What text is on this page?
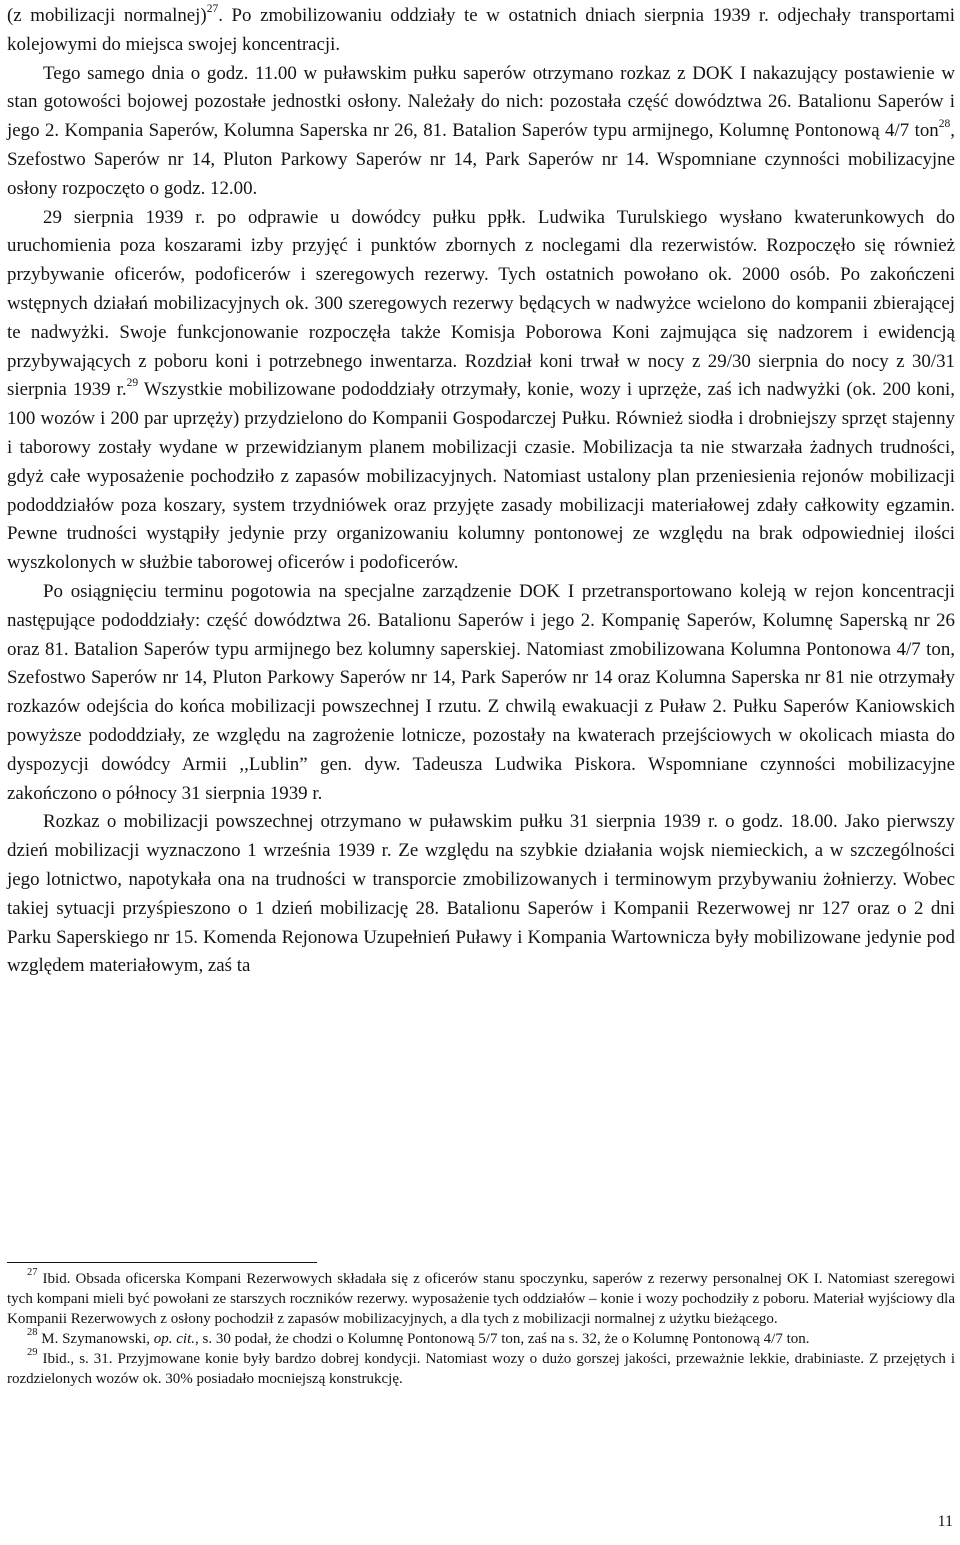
(z mobilizacji normalnej)$^{27}$. Po zmobilizowaniu oddziały te w ostatnich dniach sierpnia 1939 r. odjechały transportami kolejowymi do miejsca swojej koncentracji.

Tego samego dnia o godz. 11.00 w puławskim pułku saperów otrzymano rozkaz z DOK I nakazujący postawienie w stan gotowości bojowej pozostałe jednostki osłony. Należały do nich: pozostała część dowództwa 26. Batalionu Saperów i jego 2. Kompania Saperów, Kolumna Saperska nr 26, 81. Batalion Saperów typu armijnego, Kolumnę Pontonową 4/7 ton$^{28}$, Szefostwo Saperów nr 14, Pluton Parkowy Saperów nr 14, Park Saperów nr 14. Wspomniane czynności mobilizacyjne osłony rozpoczęto o godz. 12.00.

29 sierpnia 1939 r. po odprawie u dowódcy pułku ppłk. Ludwika Turulskiego wysłano kwaterunkowych do uruchomienia poza koszarami izby przyjęć i punktów zbornych z noclegami dla rezerwistów. Rozpoczęło się również przybywanie oficerów, podoficerów i szeregowych rezerwy. Tych ostatnich powołano ok. 2000 osób. Po zakończeni wstępnych działań mobilizacyjnych ok. 300 szeregowych rezerwy będących w nadwyżce wcielono do kompanii zbierającej te nadwyżki. Swoje funkcjonowanie rozpoczęła także Komisja Poborowa Koni zajmująca się nadzorem i ewidencją przybywających z poboru koni i potrzebnego inwentarza. Rozdział koni trwał w nocy z 29/30 sierpnia do nocy z 30/31 sierpnia 1939 r.$^{29}$ Wszystkie mobilizowane pododdziały otrzymały, konie, wozy i uprzęże, zaś ich nadwyżki (ok. 200 koni, 100 wozów i 200 par uprzęży) przydzielono do Kompanii Gospodarczej Pułku. Również siodła i drobniejszy sprzęt stajenny i taborowy zostały wydane w przewidzianym planem mobilizacji czasie. Mobilizacja ta nie stwarzała żadnych trudności, gdyż całe wyposażenie pochodziło z zapasów mobilizacyjnych. Natomiast ustalony plan przeniesienia rejonów mobilizacji pododdziałów poza koszary, system trzydniówek oraz przyjęte zasady mobilizacji materiałowej zdały całkowity egzamin. Pewne trudności wystąpiły jedynie przy organizowaniu kolumny pontonowej ze względu na brak odpowiedniej ilości wyszkolonych w służbie taborowej oficerów i podoficerów.

Po osiągnięciu terminu pogotowia na specjalne zarządzenie DOK I przetransportowano koleją w rejon koncentracji następujące pododdziały: część dowództwa 26. Batalionu Saperów i jego 2. Kompanię Saperów, Kolumnę Saperską nr 26 oraz 81. Batalion Saperów typu armijnego bez kolumny saperskiej. Natomiast zmobilizowana Kolumna Pontonowa 4/7 ton, Szefostwo Saperów nr 14, Pluton Parkowy Saperów nr 14, Park Saperów nr 14 oraz Kolumna Saperska nr 81 nie otrzymały rozkazów odejścia do końca mobilizacji powszechnej I rzutu. Z chwilą ewakuacji z Puław 2. Pułku Saperów Kaniowskich powyższe pododdziały, ze względu na zagrożenie lotnicze, pozostały na kwaterach przejściowych w okolicach miasta do dyspozycji dowódcy Armii ,,Lublin” gen. dyw. Tadeusza Ludwika Piskora. Wspomniane czynności mobilizacyjne zakończono o północy 31 sierpnia 1939 r.

Rozkaz o mobilizacji powszechnej otrzymano w puławskim pułku 31 sierpnia 1939 r. o godz. 18.00. Jako pierwszy dzień mobilizacji wyznaczono 1 września 1939 r. Ze względu na szybkie działania wojsk niemieckich, a w szczególności jego lotnictwo, napotykała ona na trudności w transporcie zmobilizowanych i terminowym przybywaniu żołnierzy. Wobec takiej sytuacji przyśpieszono o 1 dzień mobilizację 28. Batalionu Saperów i Kompanii Rezerwowej nr 127 oraz o 2 dni Parku Saperskiego nr 15. Komenda Rejonowa Uzupełnień Puławy i Kompania Wartownicza były mobilizowane jedynie pod względem materiałowym, zaś ta

$^{27}$ Ibid. Obsada oficerska Kompani Rezerwowych składała się z oficerów stanu spoczynku, saperów z rezerwy personalnej OK I. Natomiast szeregowi tych kompani mieli być powołani ze starszych roczników rezerwy. wyposażenie tych oddziałów – konie i wozy pochodziły z poboru. Materiał wyjściowy dla Kompanii Rezerwowych z osłony pochodził z zapasów mobilizacyjnych, a dla tych z mobilizacji normalnej z użytku bieżącego.

$^{28}$ M. Szymanowski, op. cit., s. 30 podał, że chodzi o Kolumnę Pontonową 5/7 ton, zaś na s. 32, że o Kolumnę Pontonową 4/7 ton.

$^{29}$ Ibid., s. 31. Przyjmowane konie były bardzo dobrej kondycji. Natomiast wozy o dużo gorszej jakości, przeważnie lekkie, drabiniaste. Z przejętych i rozdzielonych wozów ok. 30% posiadało mocniejszą konstrukcję.

11
